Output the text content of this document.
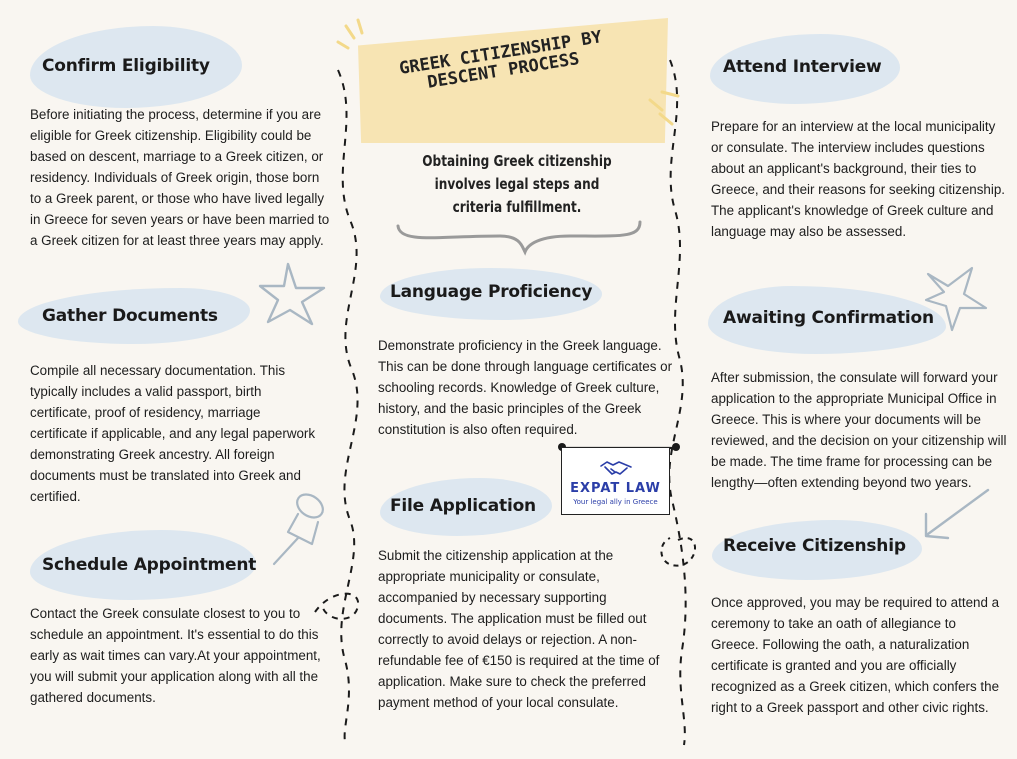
GREEK CITIZENSHIP BY DESCENT PROCESS
Obtaining Greek citizenship involves legal steps and criteria fulfillment.
Confirm Eligibility
Before initiating the process, determine if you are eligible for Greek citizenship. Eligibility could be based on descent, marriage to a Greek citizen, or residency. Individuals of Greek origin, those born to a Greek parent, or those who have lived legally in Greece for seven years or have been married to a Greek citizen for at least three years may apply.
Gather Documents
Compile all necessary documentation. This typically includes a valid passport, birth certificate, proof of residency, marriage certificate if applicable, and any legal paperwork demonstrating Greek ancestry. All foreign documents must be translated into Greek and certified.
Schedule Appointment
Contact the Greek consulate closest to you to schedule an appointment. It's essential to do this early as wait times can vary.At your appointment, you will submit your application along with all the gathered documents.
Language Proficiency
Demonstrate proficiency in the Greek language. This can be done through language certificates or schooling records. Knowledge of Greek culture, history, and the basic principles of the Greek constitution is also often required.
EXPAT LAW
Your legal ally in Greece
File Application
Submit the citizenship application at the appropriate municipality or consulate, accompanied by necessary supporting documents. The application must be filled out correctly to avoid delays or rejection. A non-refundable fee of €150 is required at the time of application. Make sure to check the preferred payment method of your local consulate.
Attend Interview
Prepare for an interview at the local municipality or consulate. The interview includes questions about an applicant's background, their ties to Greece, and their reasons for seeking citizenship. The applicant's knowledge of Greek culture and language may also be assessed.
Awaiting Confirmation
After submission, the consulate will forward your application to the appropriate Municipal Office in Greece. This is where your documents will be reviewed, and the decision on your citizenship will be made. The time frame for processing can be lengthy—often extending beyond two years.
Receive Citizenship
Once approved, you may be required to attend a ceremony to take an oath of allegiance to Greece. Following the oath, a naturalization certificate is granted and you are officially recognized as a Greek citizen, which confers the right to a Greek passport and other civic rights.
